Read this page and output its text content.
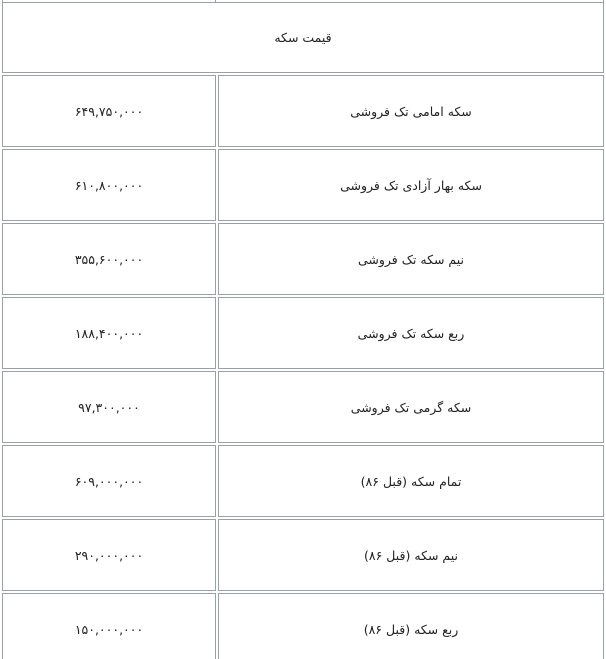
قیمت سکه	
سکه امامی تک فروشی	۶۴۹,۷۵۰,۰۰۰
سکه بهار آزادی تک فروشی	۶۱۰,۸۰۰,۰۰۰
نیم سکه تک فروشی	۳۵۵,۶۰۰,۰۰۰
ربع سکه تک فروشی	۱۸۸,۴۰۰,۰۰۰
سکه گرمی تک فروشی	۹۷,۳۰۰,۰۰۰
تمام سکه (قبل ۸۶)	۶۰۹,۰۰۰,۰۰۰
نیم سکه (قبل ۸۶)	۲۹۰,۰۰۰,۰۰۰
ربع سکه (قبل ۸۶)	۱۵۰,۰۰۰,۰۰۰
